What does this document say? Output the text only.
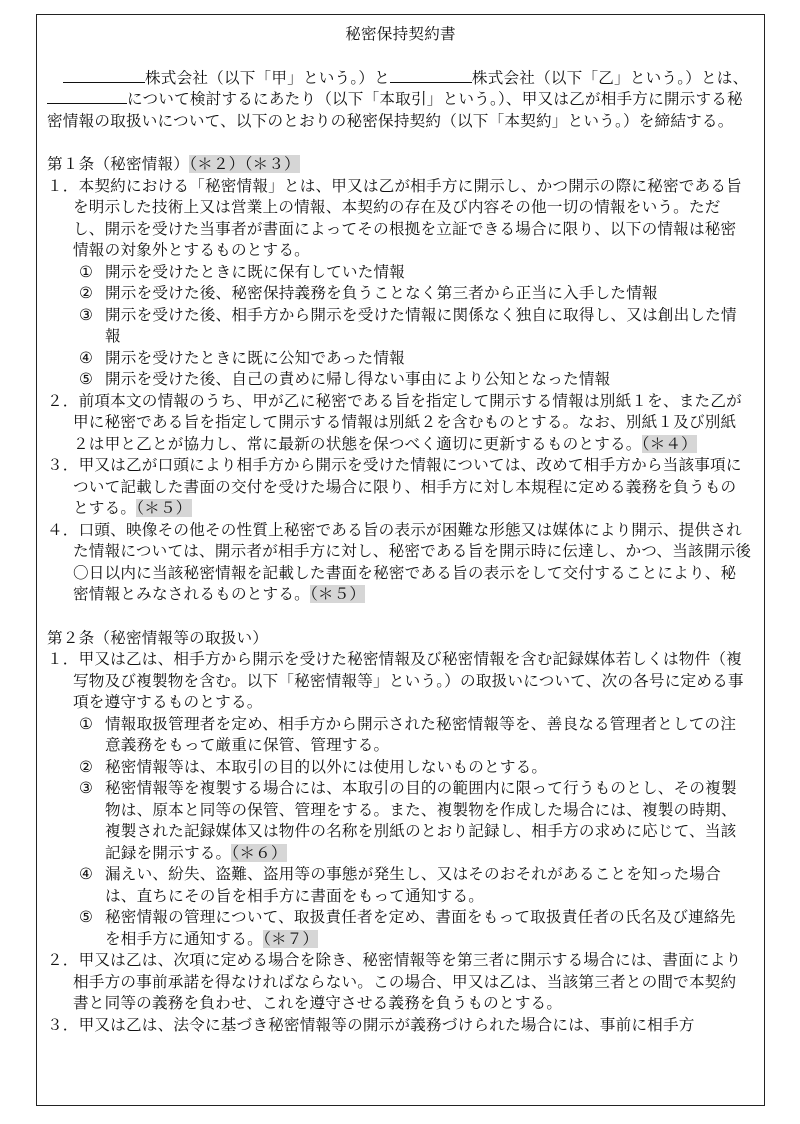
秘密保持契約書

株式会社（以下「甲」という。）と	株式会社（以下「乙」という。）とは、について検討するにあたり（以下「本取引」という。）、甲又は乙が相手方に開示する秘密情報の取扱いについて、以下のとおりの秘密保持契約（以下「本契約」という。）を締結する。

第１条（秘密情報）（＊２）（＊３）

１．本契約における「秘密情報」とは、甲又は乙が相手方に開示し、かつ開示の際に秘密である旨を明示した技術上又は営業上の情報、本契約の存在及び内容その他一切の情報をいう。ただし、開示を受けた当事者が書面によってその根拠を立証できる場合に限り、以下の情報は秘密情報の対象外とするものとする。

① 開示を受けたときに既に保有していた情報

② 開示を受けた後、秘密保持義務を負うことなく第三者から正当に入手した情報

③ 開示を受けた後、相手方から開示を受けた情報に関係なく独自に取得し、又は創出した情報

④ 開示を受けたときに既に公知であった情報

⑤ 開示を受けた後、自己の責めに帰し得ない事由により公知となった情報

２．前項本文の情報のうち、甲が乙に秘密である旨を指定して開示する情報は別紙１を、また乙が甲に秘密である旨を指定して開示する情報は別紙２を含むものとする。なお、別紙１及び別紙２は甲と乙とが協力し、常に最新の状態を保つべく適切に更新するものとする。（＊４）

３．甲又は乙が口頭により相手方から開示を受けた情報については、改めて相手方から当該事項について記載した書面の交付を受けた場合に限り、相手方に対し本規程に定める義務を負うものとする。（＊５）

４．口頭、映像その他その性質上秘密である旨の表示が困難な形態又は媒体により開示、提供された情報については、開示者が相手方に対し、秘密である旨を開示時に伝達し、かつ、当該開示後〇日以内に当該秘密情報を記載した書面を秘密である旨の表示をして交付することにより、秘密情報とみなされるものとする。（＊５）

第２条（秘密情報等の取扱い）

１．甲又は乙は、相手方から開示を受けた秘密情報及び秘密情報を含む記録媒体若しくは物件（複写物及び複製物を含む。以下「秘密情報等」という。）の取扱いについて、次の各号に定める事項を遵守するものとする。

① 情報取扱管理者を定め、相手方から開示された秘密情報等を、善良なる管理者としての注意義務をもって厳重に保管、管理する。

② 秘密情報等は、本取引の目的以外には使用しないものとする。

③ 秘密情報等を複製する場合には、本取引の目的の範囲内に限って行うものとし、その複製物は、原本と同等の保管、管理をする。また、複製物を作成した場合には、複製の時期、複製された記録媒体又は物件の名称を別紙のとおり記録し、相手方の求めに応じて、当該記録を開示する。（＊６）

④ 漏えい、紛失、盗難、盗用等の事態が発生し、又はそのおそれがあることを知った場合は、直ちにその旨を相手方に書面をもって通知する。

⑤ 秘密情報の管理について、取扱責任者を定め、書面をもって取扱責任者の氏名及び連絡先を相手方に通知する。（＊７）

２．甲又は乙は、次項に定める場合を除き、秘密情報等を第三者に開示する場合には、書面により相手方の事前承諾を得なければならない。この場合、甲又は乙は、当該第三者との間で本契約書と同等の義務を負わせ、これを遵守させる義務を負うものとする。

３．甲又は乙は、法令に基づき秘密情報等の開示が義務づけられた場合には、事前に相手方
